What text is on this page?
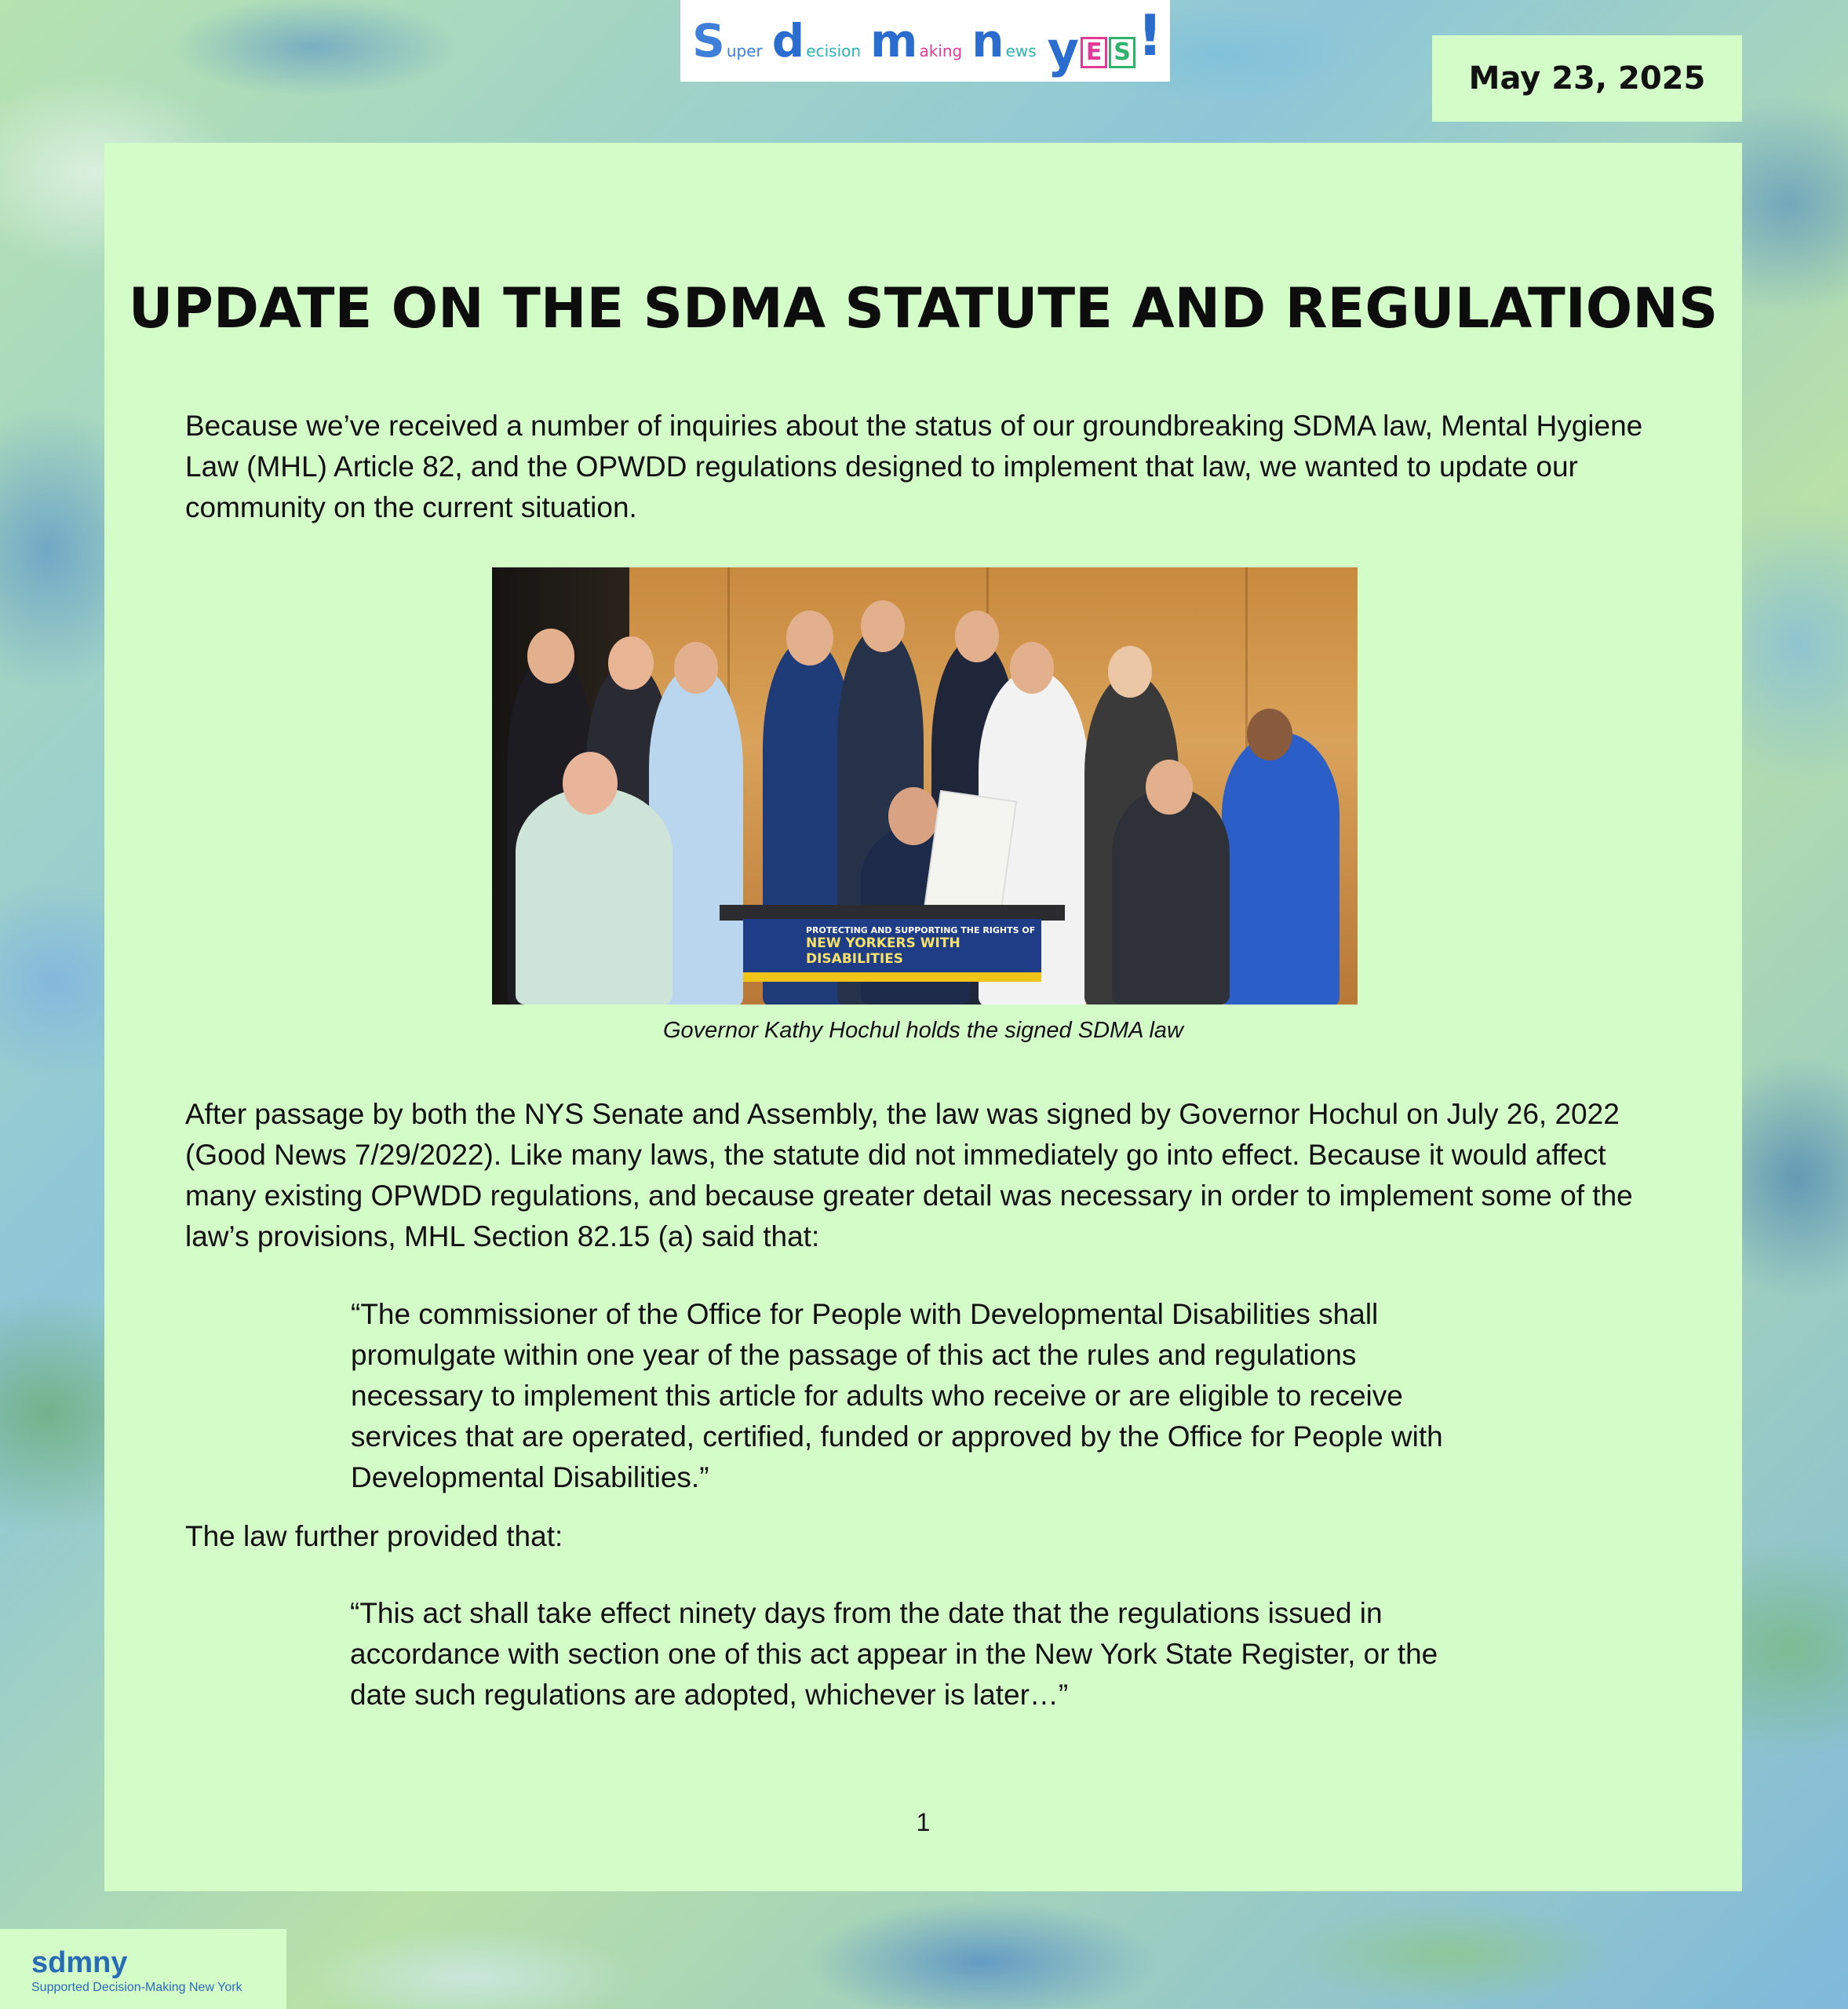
S uper d ecision m aking n ews y E S !
May 23, 2025
UPDATE ON THE SDMA STATUTE AND REGULATIONS

Because we’ve received a number of inquiries about the status of our groundbreaking SDMA law, Mental Hygiene Law (MHL) Article 82, and the OPWDD regulations designed to implement that law, we wanted to update our community on the current situation.

PROTECTING AND SUPPORTING THE RIGHTS OF
NEW YORKERS WITH DISABILITIES
Governor Kathy Hochul holds the signed SDMA law

After passage by both the NYS Senate and Assembly, the law was signed by Governor Hochul on July 26, 2022 (Good News 7/29/2022). Like many laws, the statute did not immediately go into effect. Because it would affect many existing OPWDD regulations, and because greater detail was necessary in order to implement some of the law’s provisions, MHL Section 82.15 (a) said that:

“The commissioner of the Office for People with Developmental Disabilities shall promulgate within one year of the passage of this act the rules and regulations necessary to implement this article for adults who receive or are eligible to receive services that are operated, certified, funded or approved by the Office for People with Developmental Disabilities.”

The law further provided that:

“This act shall take effect ninety days from the date that the regulations issued in accordance with section one of this act appear in the New York State Register, or the date such regulations are adopted, whichever is later…”

1
sdmny
Supported Decision-Making New York
